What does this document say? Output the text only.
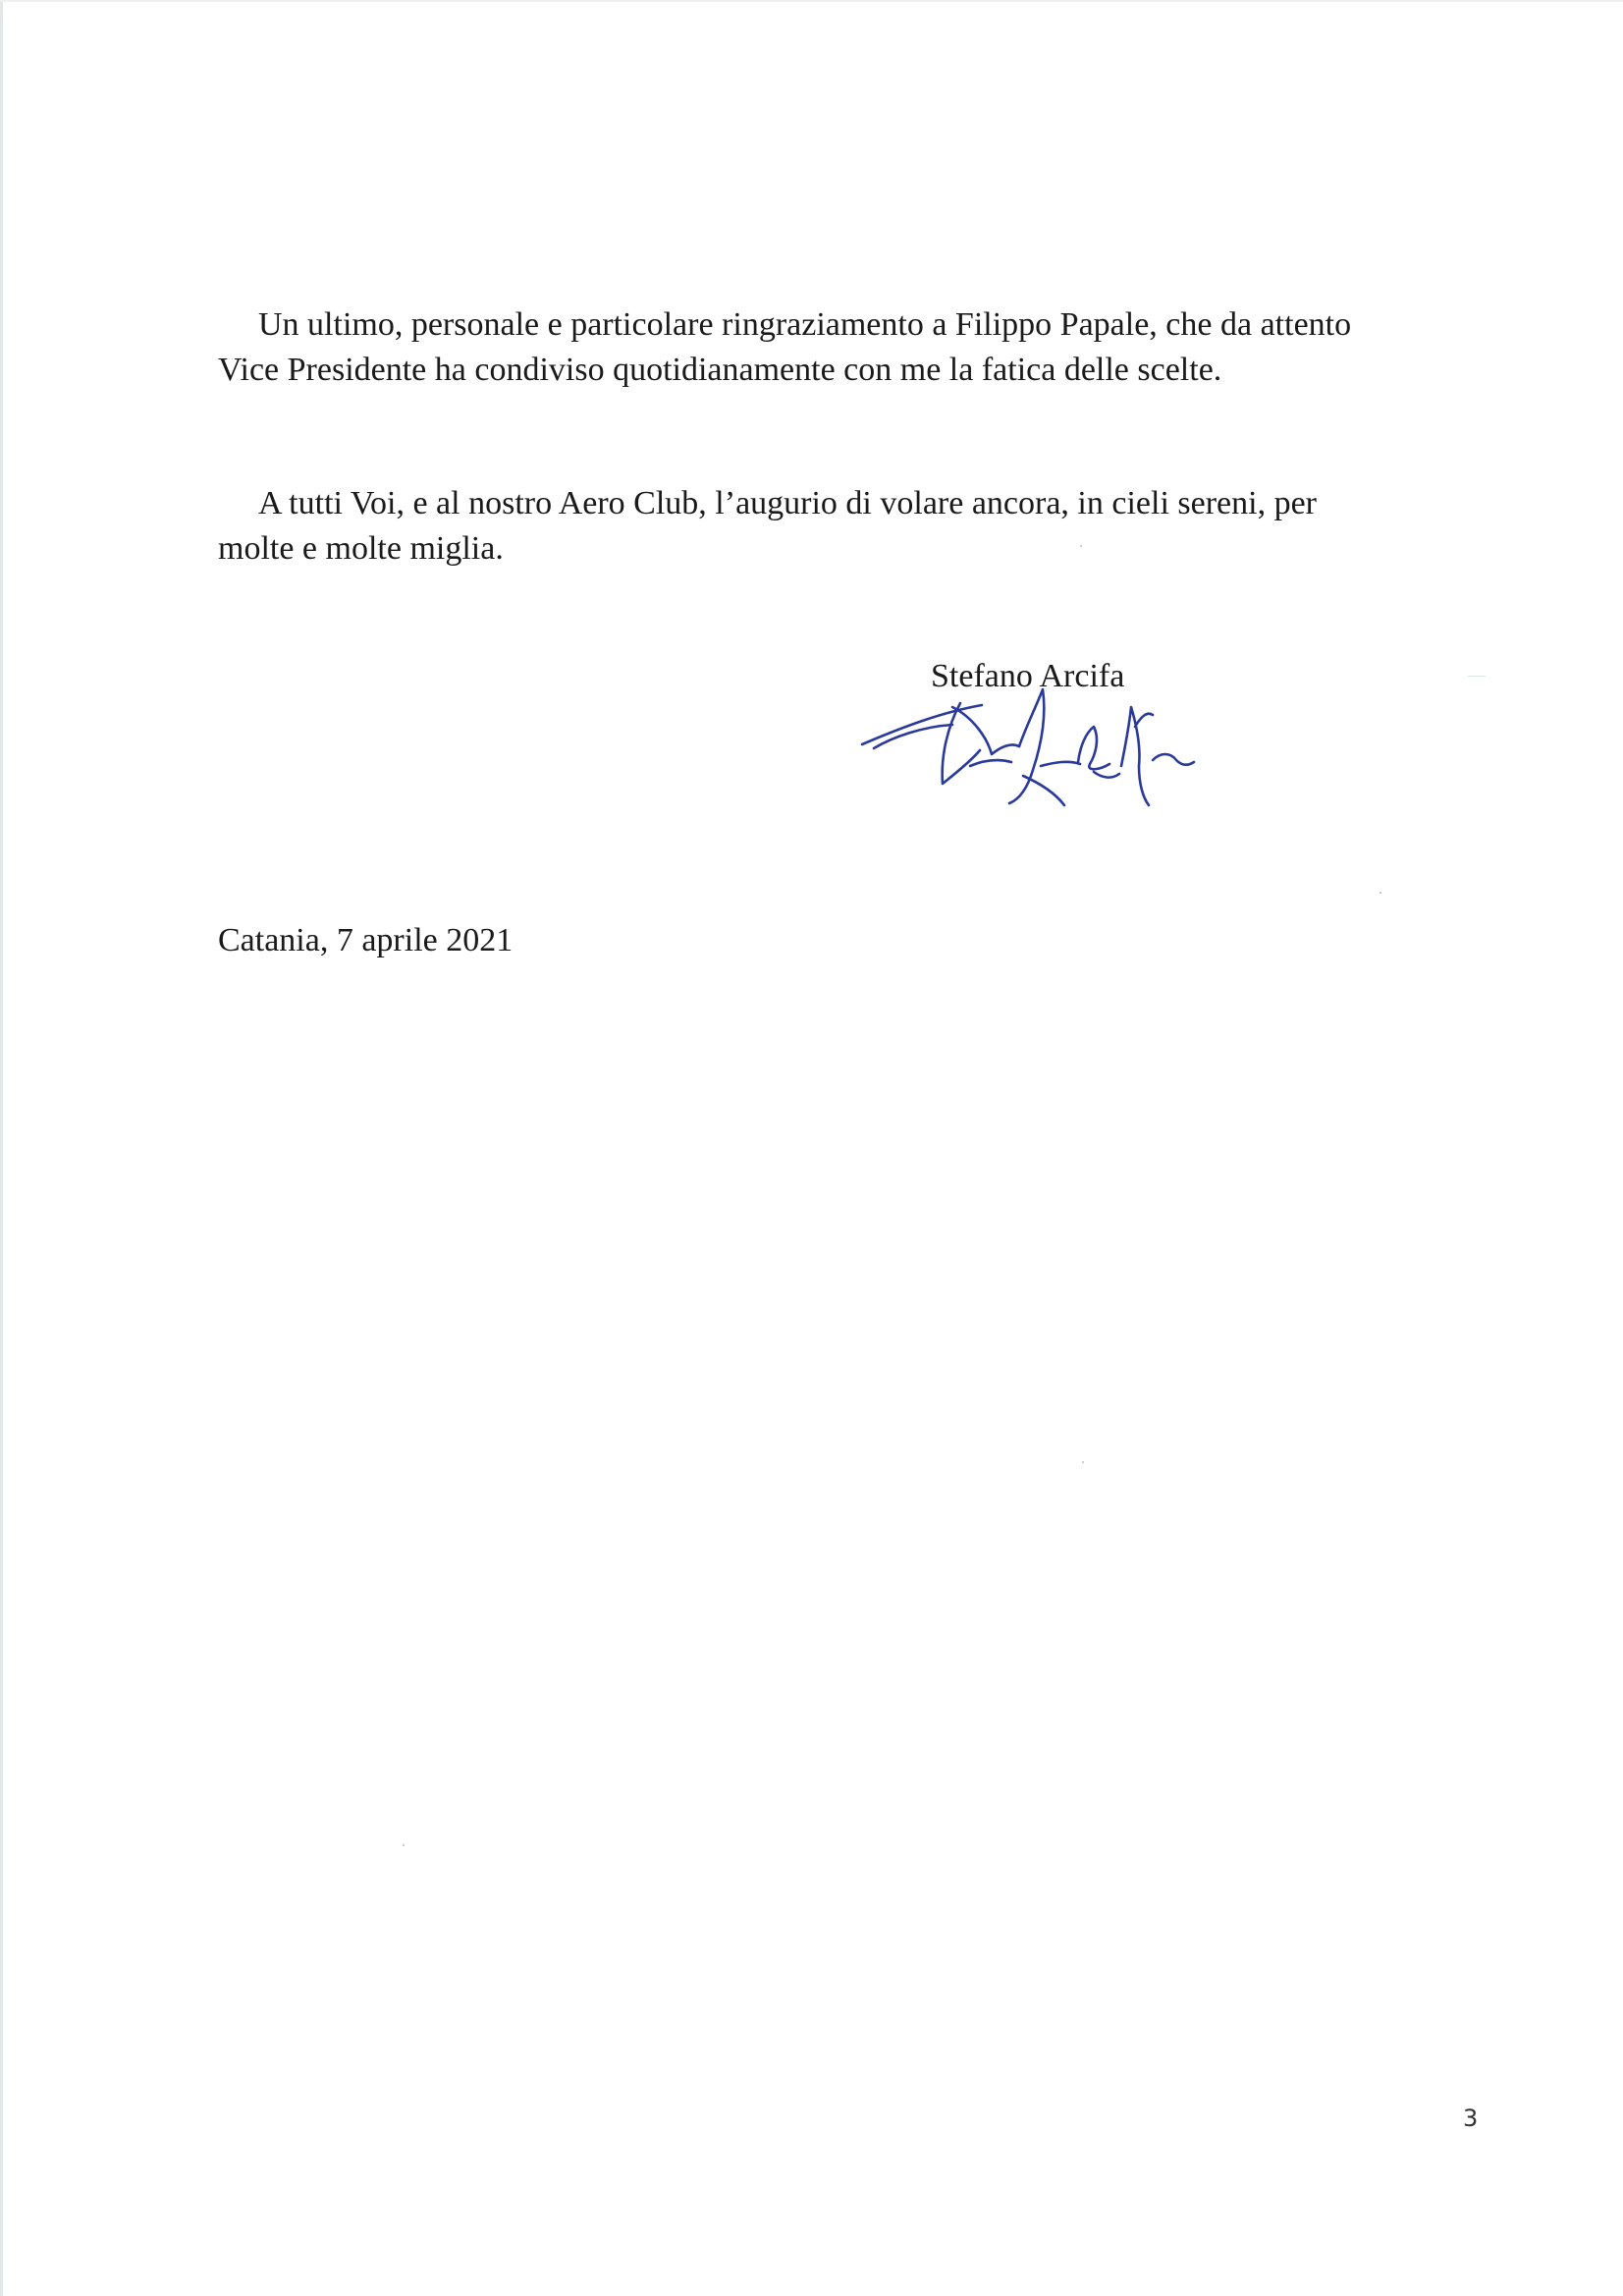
Un ultimo, personale e particolare ringraziamento a Filippo Papale, che da attento
Vice Presidente ha condiviso quotidianamente con me la fatica delle scelte.
A tutti Voi, e al nostro Aero Club, l’augurio di volare ancora, in cieli sereni, per
molte e molte miglia.

Stefano Arcifa

Catania, 7 aprile 2021

3
